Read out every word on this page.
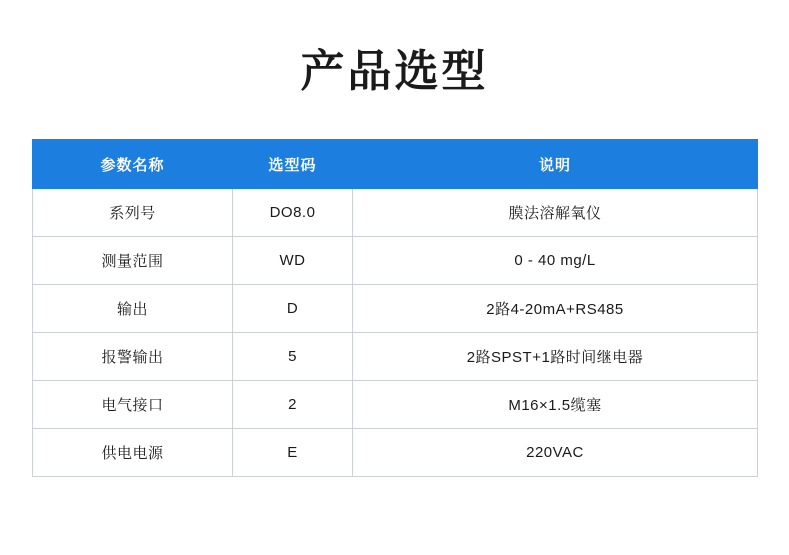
产品选型
参数名称	选型码	说明
系列号	DO8.0	膜法溶解氧仪
测量范围	WD	0 - 40 mg/L
输出	D	2路4-20mA+RS485
报警输出	5	2路SPST+1路时间继电器
电气接口	2	M16×1.5缆塞
供电电源	E	220VAC
